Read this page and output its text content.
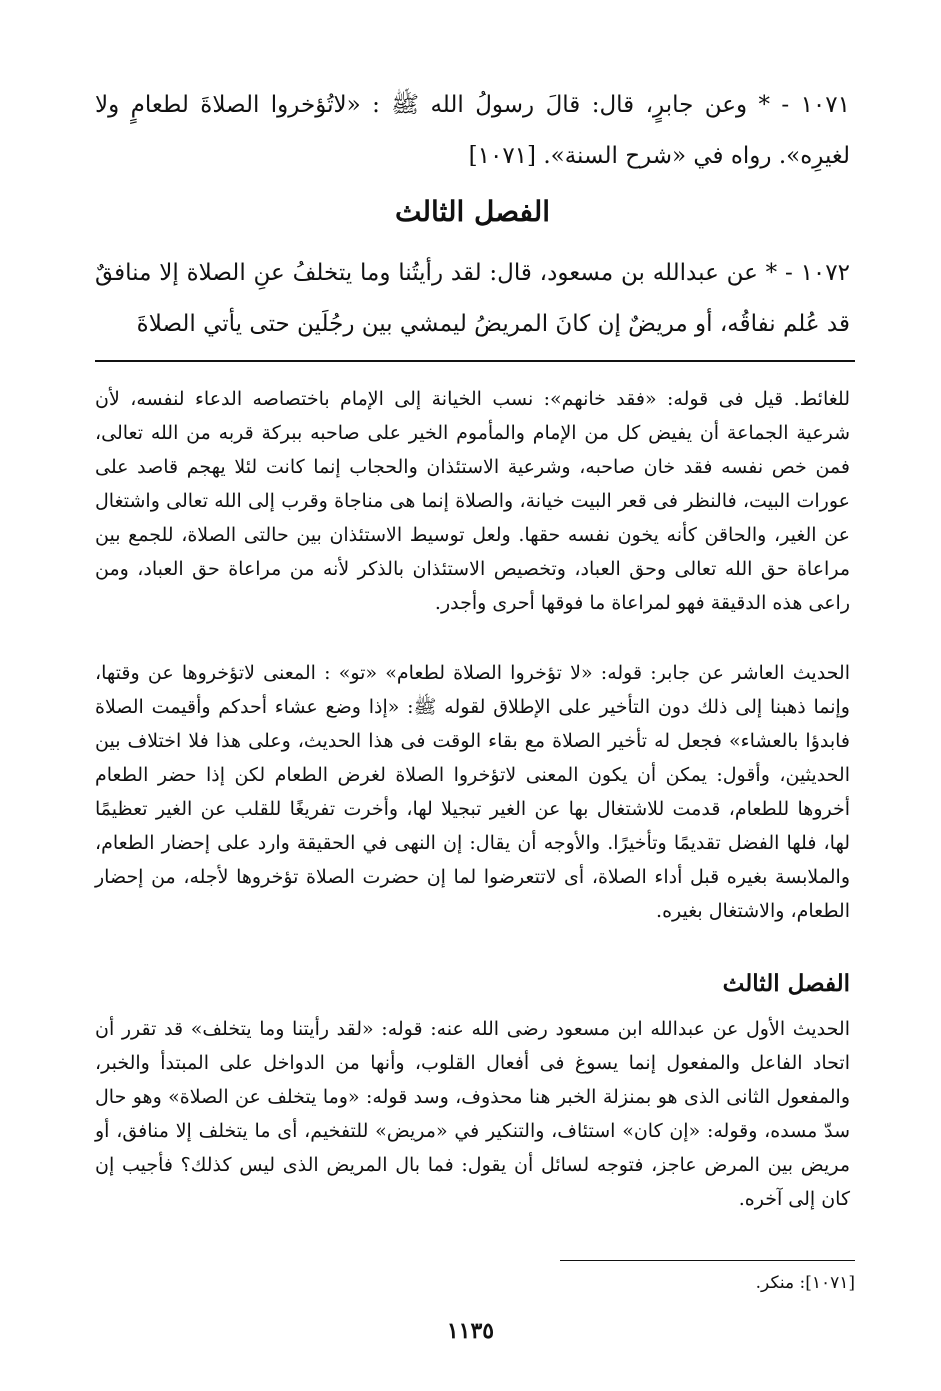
١٠٧١ - * وعن جابرٍ، قال: قالَ رسولُ الله ﷺ : «لاتُؤخروا الصلاةَ لطعامٍ ولا لغيرِه». رواه في «شرح السنة». [١٠٧١]
الفصل الثالث
١٠٧٢ - * عن عبدالله بن مسعود، قال: لقد رأيتُنا وما يتخلفُ عنِ الصلاة إلا منافقٌ قد عُلم نفاقُه، أو مريضٌ إن كانَ المريضُ ليمشي بين رجُلَين حتى يأتي الصلاةَ
للغائط. قيل فى قوله: «فقد خانهم»: نسب الخيانة إلى الإمام باختصاصه الدعاء لنفسه، لأن شرعية الجماعة أن يفيض كل من الإمام والمأموم الخير على صاحبه ببركة قربه من الله تعالى، فمن خص نفسه فقد خان صاحبه، وشرعية الاستئذان والحجاب إنما كانت لئلا يهجم قاصد على عورات البيت، فالنظر فى قعر البيت خيانة، والصلاة إنما هى مناجاة وقرب إلى الله تعالى واشتغال عن الغير، والحاقن كأنه يخون نفسه حقها. ولعل توسيط الاستئذان بين حالتى الصلاة، للجمع بين مراعاة حق الله تعالى وحق العباد، وتخصيص الاستئذان بالذكر لأنه من مراعاة حق العباد، ومن راعى هذه الدقيقة فهو لمراعاة ما فوقها أحرى وأجدر.
الحديث العاشر عن جابر: قوله: «لا تؤخروا الصلاة لطعام» «تو» : المعنى لاتؤخروها عن وقتها، وإنما ذهبنا إلى ذلك دون التأخير على الإطلاق لقوله ﷺ: «إذا وضع عشاء أحدكم وأقيمت الصلاة فابدؤا بالعشاء» فجعل له تأخير الصلاة مع بقاء الوقت فى هذا الحديث، وعلى هذا فلا اختلاف بين الحديثين، وأقول: يمكن أن يكون المعنى لاتؤخروا الصلاة لغرض الطعام لكن إذا حضر الطعام أخروها للطعام، قدمت للاشتغال بها عن الغير تبجيلا لها، وأخرت تفريغًا للقلب عن الغير تعظيمًا لها، فلها الفضل تقديمًا وتأخيرًا. والأوجه أن يقال: إن النهى في الحقيقة وارد على إحضار الطعام، والملابسة بغيره قبل أداء الصلاة، أى لاتتعرضوا لما إن حضرت الصلاة تؤخروها لأجله، من إحضار الطعام، والاشتغال بغيره.
الفصل الثالث
الحديث الأول عن عبدالله ابن مسعود رضى الله عنه: قوله: «لقد رأيتنا وما يتخلف» قد تقرر أن اتحاد الفاعل والمفعول إنما يسوغ فى أفعال القلوب، وأنها من الدواخل على المبتدأ والخبر، والمفعول الثانى الذى هو بمنزلة الخبر هنا محذوف، وسد قوله: «وما يتخلف عن الصلاة» وهو حال سدّ مسده، وقوله: «إن كان» استئاف، والتنكير في «مريض» للتفخيم، أى ما يتخلف إلا منافق، أو مريض بين المرض عاجز، فتوجه لسائل أن يقول: فما بال المريض الذى ليس كذلك؟ فأجيب إن كان إلى آخره.
[١٠٧١]: منكر.
١١٣٥
